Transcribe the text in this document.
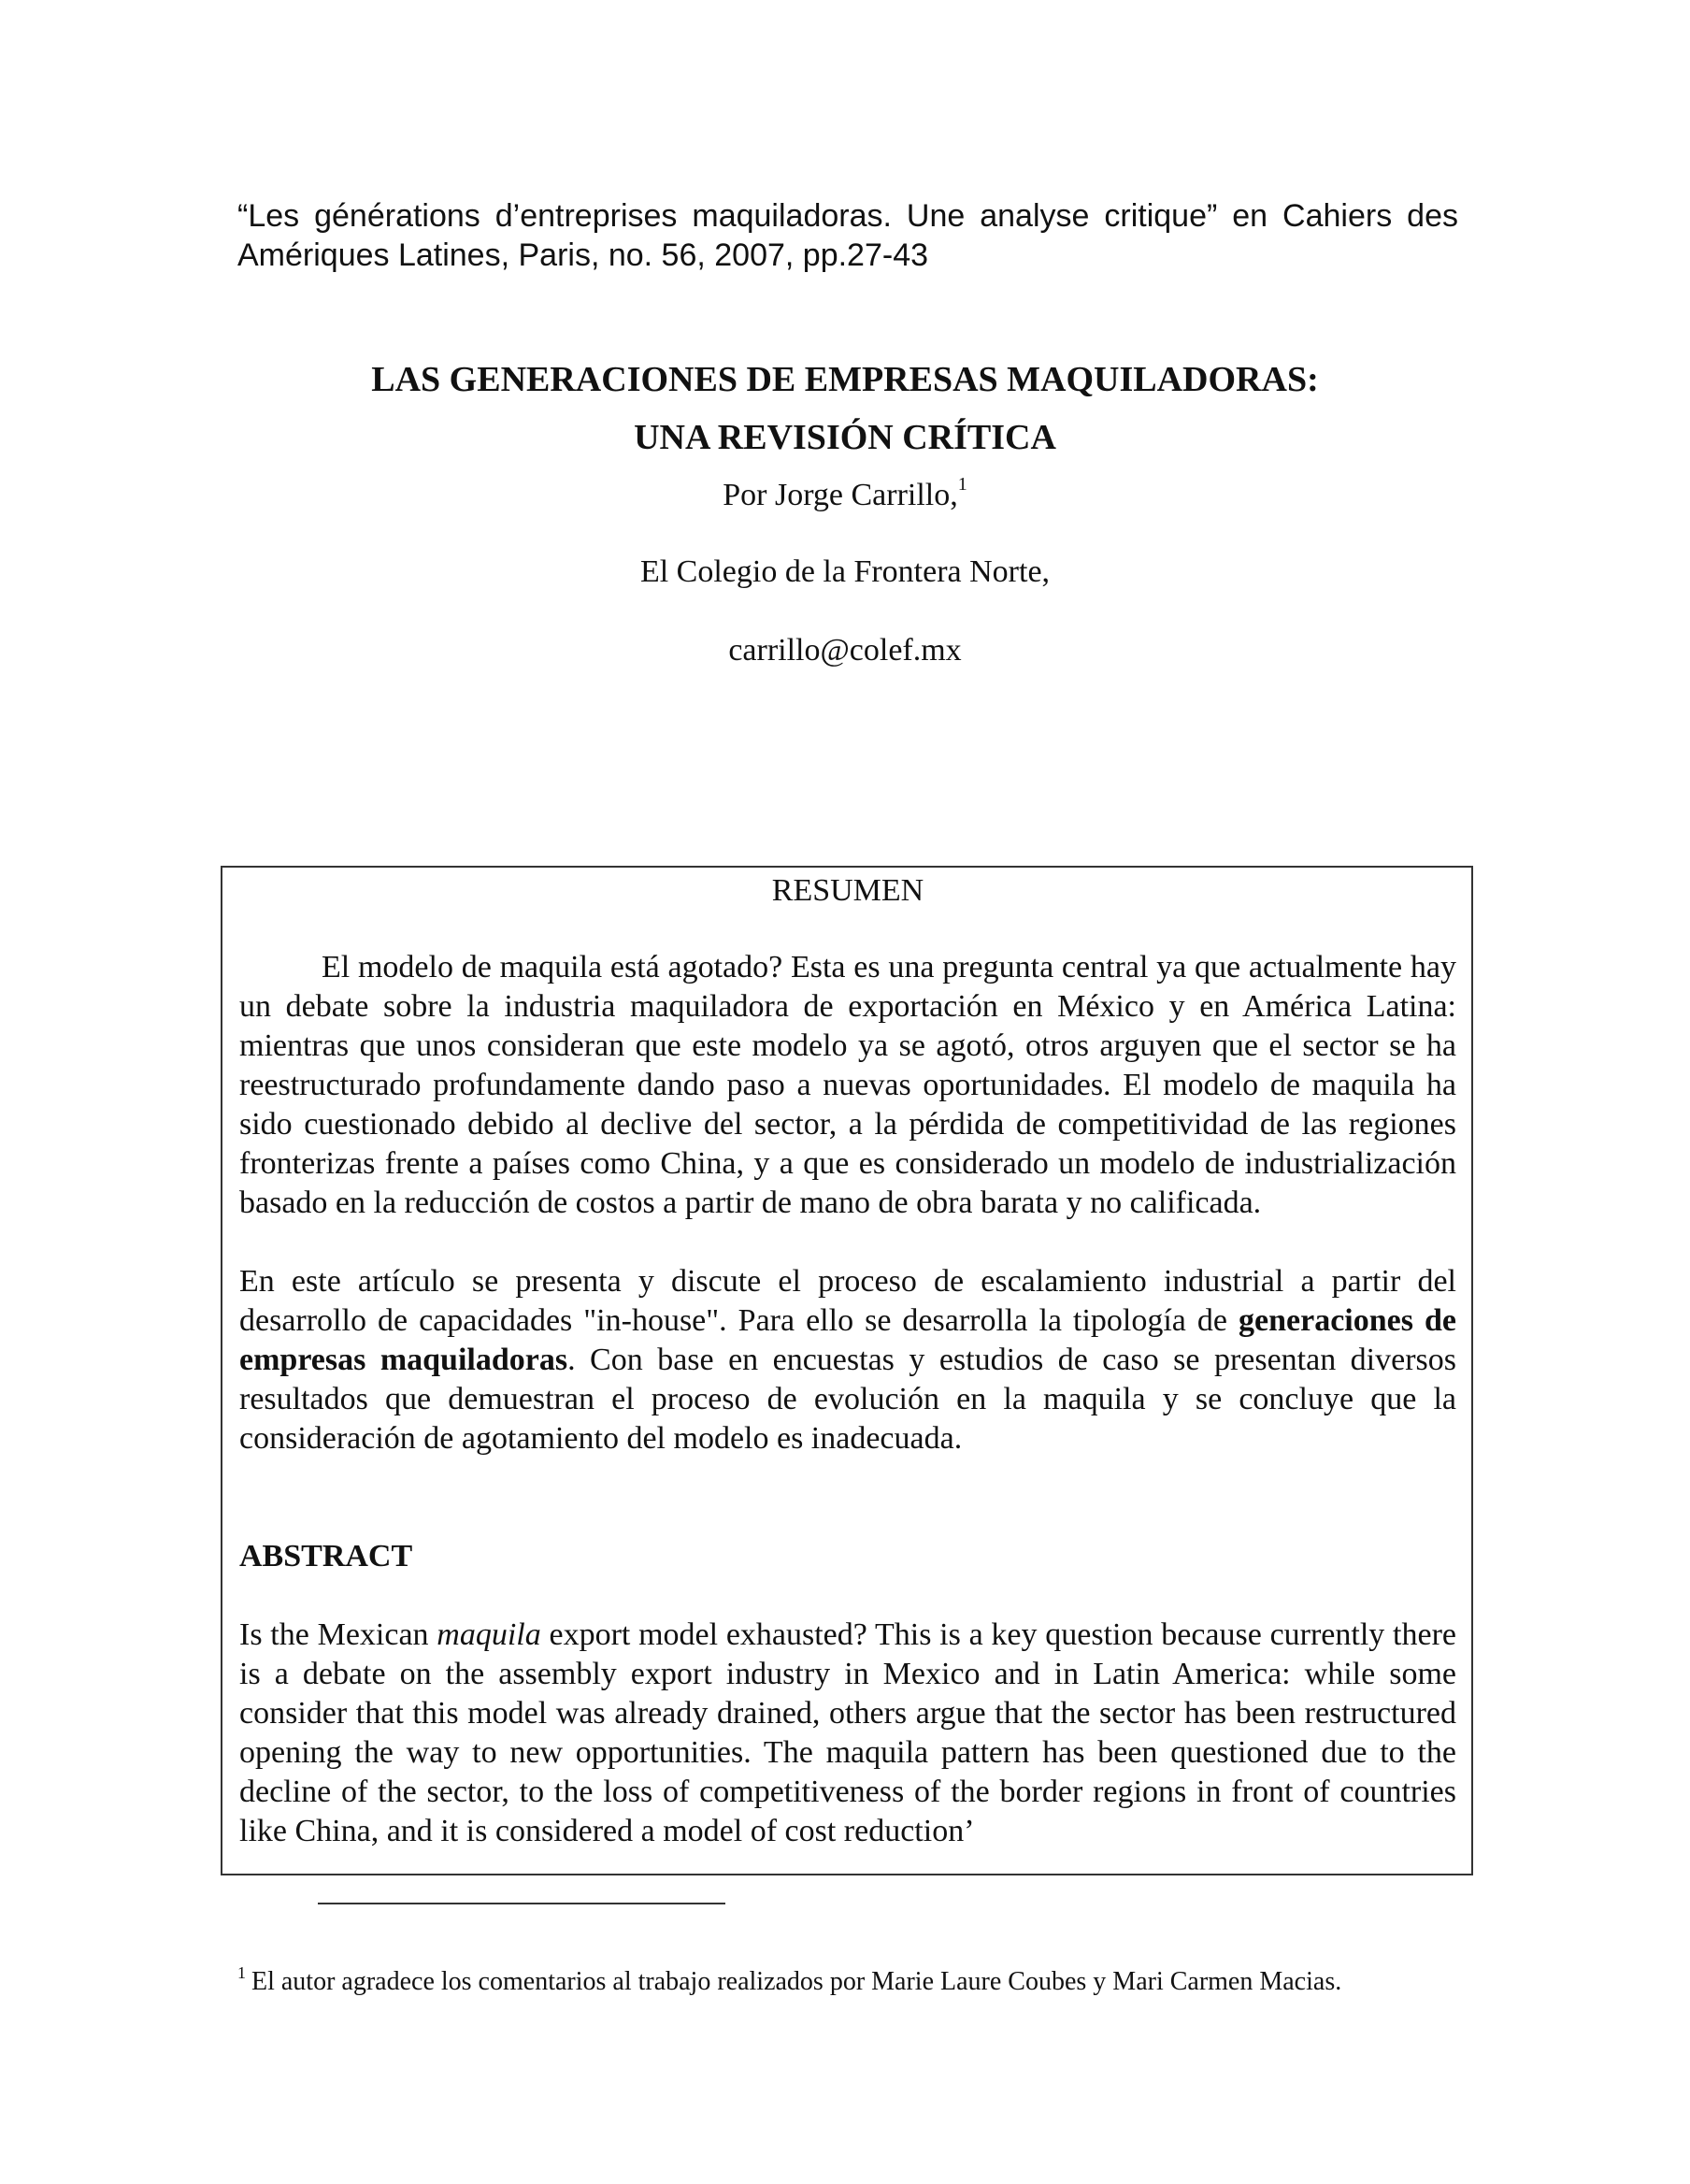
“Les générations d’entreprises maquiladoras. Une analyse critique” en Cahiers des Amériques Latines, Paris, no. 56, 2007, pp.27-43

LAS GENERACIONES DE EMPRESAS MAQUILADORAS:
UNA REVISIÓN CRÍTICA

Por Jorge Carrillo,$^1$

El Colegio de la Frontera Norte,

carrillo@colef.mx

RESUMEN

El modelo de maquila está agotado? Esta es una pregunta central ya que actualmente hay un debate sobre la industria maquiladora de exportación en México y en América Latina: mientras que unos consideran que este modelo ya se agotó, otros arguyen que el sector se ha reestructurado profundamente dando paso a nuevas oportunidades. El modelo de maquila ha sido cuestionado debido al declive del sector, a la pérdida de competitividad de las regiones fronterizas frente a países como China, y a que es considerado un modelo de industrialización basado en la reducción de costos a partir de mano de obra barata y no calificada.

En este artículo se presenta y discute el proceso de escalamiento industrial a partir del desarrollo de capacidades "in-house". Para ello se desarrolla la tipología de generaciones de empresas maquiladoras. Con base en encuestas y estudios de caso se presentan diversos resultados que demuestran el proceso de evolución en la maquila y se concluye que la consideración de agotamiento del modelo es inadecuada.

ABSTRACT

Is the Mexican maquila export model exhausted? This is a key question because currently there is a debate on the assembly export industry in Mexico and in Latin America: while some consider that this model was already drained, others argue that the sector has been restructured opening the way to new opportunities. The maquila pattern has been questioned due to the decline of the sector, to the loss of competitiveness of the border regions in front of countries like China, and it is considered a model of cost reduction’

$^1$ El autor agradece los comentarios al trabajo realizados por Marie Laure Coubes y Mari Carmen Macias.
